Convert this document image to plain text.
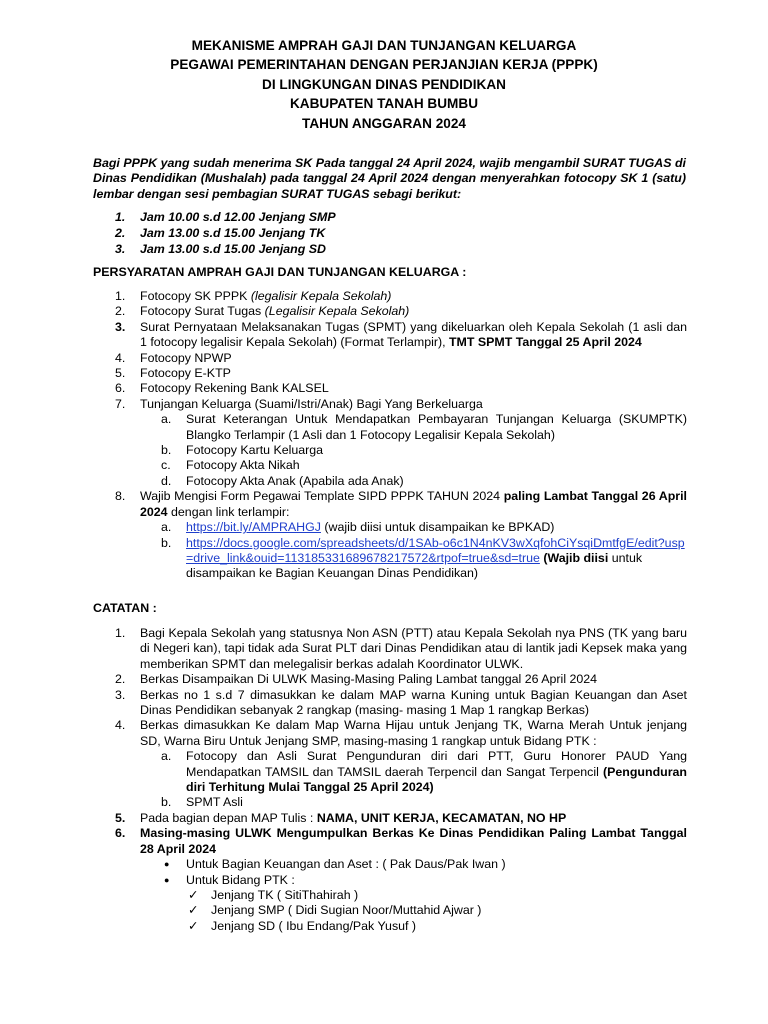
MEKANISME AMPRAH GAJI DAN TUNJANGAN KELUARGA
PEGAWAI PEMERINTAHAN DENGAN PERJANJIAN KERJA (PPPK)
DI LINGKUNGAN DINAS PENDIDIKAN
KABUPATEN TANAH BUMBU
TAHUN ANGGARAN 2024
Bagi PPPK yang sudah menerima SK Pada tanggal 24 April 2024, wajib mengambil SURAT TUGAS di Dinas Pendidikan (Mushalah) pada tanggal 24 April 2024 dengan menyerahkan fotocopy SK 1 (satu) lembar dengan sesi pembagian SURAT TUGAS sebagi berikut:
1. Jam 10.00 s.d 12.00 Jenjang SMP
2. Jam 13.00 s.d 15.00 Jenjang TK
3. Jam 13.00 s.d 15.00 Jenjang SD
PERSYARATAN AMPRAH GAJI DAN TUNJANGAN KELUARGA :
1. Fotocopy SK PPPK (legalisir Kepala Sekolah)
2. Fotocopy Surat Tugas (Legalisir Kepala Sekolah)
3. Surat Pernyataan Melaksanakan Tugas (SPMT) yang dikeluarkan oleh Kepala Sekolah (1 asli dan 1 fotocopy legalisir Kepala Sekolah) (Format Terlampir), TMT SPMT Tanggal 25 April 2024
4. Fotocopy NPWP
5. Fotocopy E-KTP
6. Fotocopy Rekening Bank KALSEL
7. Tunjangan Keluarga (Suami/Istri/Anak) Bagi Yang Berkeluarga
a. Surat Keterangan Untuk Mendapatkan Pembayaran Tunjangan Keluarga (SKUMPTK) Blangko Terlampir (1 Asli dan 1 Fotocopy Legalisir Kepala Sekolah)
b. Fotocopy Kartu Keluarga
c. Fotocopy Akta Nikah
d. Fotocopy Akta Anak (Apabila ada Anak)
8. Wajib Mengisi Form Pegawai Template SIPD PPPK TAHUN 2024 paling Lambat Tanggal 26 April 2024 dengan link terlampir:
a. https://bit.ly/AMPRAHGJ (wajib diisi untuk disampaikan ke BPKAD)
b. https://docs.google.com/spreadsheets/d/1SAb-o6c1N4nKV3wXqfohCiYsqiDmtfgE/edit?usp=drive_link&ouid=113185331689678217572&rtpof=true&sd=true (Wajib diisi untuk disampaikan ke Bagian Keuangan Dinas Pendidikan)
CATATAN :
1. Bagi Kepala Sekolah yang statusnya Non ASN (PTT) atau Kepala Sekolah nya PNS (TK yang baru di Negeri kan), tapi tidak ada Surat PLT dari Dinas Pendidikan atau di lantik jadi Kepsek maka yang memberikan SPMT dan melegalisir berkas adalah Koordinator ULWK.
2. Berkas Disampaikan Di ULWK Masing-Masing Paling Lambat tanggal 26 April 2024
3. Berkas no 1 s.d 7 dimasukkan ke dalam MAP warna Kuning untuk Bagian Keuangan dan Aset Dinas Pendidikan sebanyak 2 rangkap (masing- masing 1 Map 1 rangkap Berkas)
4. Berkas dimasukkan Ke dalam Map Warna Hijau untuk Jenjang TK, Warna Merah Untuk jenjang SD, Warna Biru Untuk Jenjang SMP, masing-masing 1 rangkap untuk Bidang PTK :
a. Fotocopy dan Asli Surat Pengunduran diri dari PTT, Guru Honorer PAUD Yang Mendapatkan TAMSIL dan TAMSIL daerah Terpencil dan Sangat Terpencil (Pengunduran diri Terhitung Mulai Tanggal 25 April 2024)
b. SPMT Asli
5. Pada bagian depan MAP Tulis : NAMA, UNIT KERJA, KECAMATAN, NO HP
6. Masing-masing ULWK Mengumpulkan Berkas Ke Dinas Pendidikan Paling Lambat Tanggal 28 April 2024
● Untuk Bagian Keuangan dan Aset : ( Pak Daus/Pak Iwan )
● Untuk Bidang PTK :
✓ Jenjang TK ( SitiThahirah )
✓ Jenjang SMP ( Didi Sugian Noor/Muttahid Ajwar )
✓ Jenjang SD ( Ibu Endang/Pak Yusuf )
